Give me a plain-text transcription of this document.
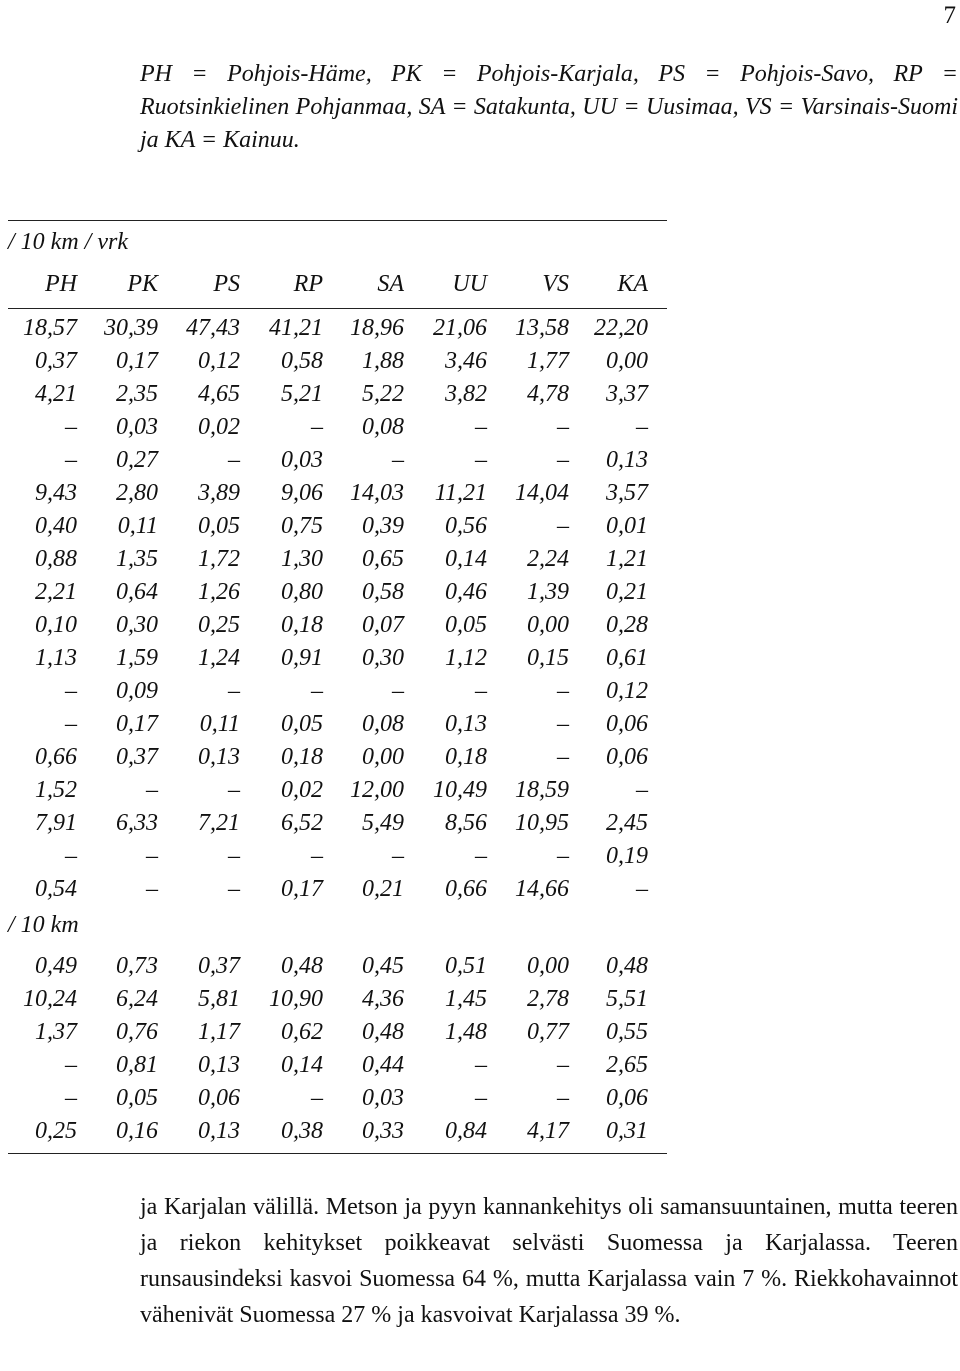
7

PH = Pohjois-Häme, PK = Pohjois-Karjala, PS = Pohjois-Savo, RP = Ruotsinkielinen Pohjanmaa, SA = Satakunta, UU = Uusimaa, VS = Varsinais-Suomi ja KA = Kainuu.

/ 10 km / vrk
PH	PK	PS	RP	SA	UU	VS	KA
18,57	30,39	47,43	41,21	18,96	21,06	13,58	22,20
0,37	0,17	0,12	0,58	1,88	3,46	1,77	0,00
4,21	2,35	4,65	5,21	5,22	3,82	4,78	3,37
–	0,03	0,02	–	0,08	–	–	–
–	0,27	–	0,03	–	–	–	0,13
9,43	2,80	3,89	9,06	14,03	11,21	14,04	3,57
0,40	0,11	0,05	0,75	0,39	0,56	–	0,01
0,88	1,35	1,72	1,30	0,65	0,14	2,24	1,21
2,21	0,64	1,26	0,80	0,58	0,46	1,39	0,21
0,10	0,30	0,25	0,18	0,07	0,05	0,00	0,28
1,13	1,59	1,24	0,91	0,30	1,12	0,15	0,61
–	0,09	–	–	–	–	–	0,12
–	0,17	0,11	0,05	0,08	0,13	–	0,06
0,66	0,37	0,13	0,18	0,00	0,18	–	0,06
1,52	–	–	0,02	12,00	10,49	18,59	–
7,91	6,33	7,21	6,52	5,49	8,56	10,95	2,45
–	–	–	–	–	–	–	0,19
0,54	–	–	0,17	0,21	0,66	14,66	–
/ 10 km
0,49	0,73	0,37	0,48	0,45	0,51	0,00	0,48
10,24	6,24	5,81	10,90	4,36	1,45	2,78	5,51
1,37	0,76	1,17	0,62	0,48	1,48	0,77	0,55
–	0,81	0,13	0,14	0,44	–	–	2,65
–	0,05	0,06	–	0,03	–	–	0,06
0,25	0,16	0,13	0,38	0,33	0,84	4,17	0,31

ja Karjalan välillä. Metson ja pyyn kannankehitys oli samansuuntainen, mutta teeren ja riekon kehitykset poikkeavat selvästi Suomessa ja Karjalassa. Teeren runsausindeksi kasvoi Suomessa 64 %, mutta Karjalassa vain 7 %. Riekkohavainnot vähenivät Suomessa 27 % ja kasvoivat Karjalassa 39 %.
